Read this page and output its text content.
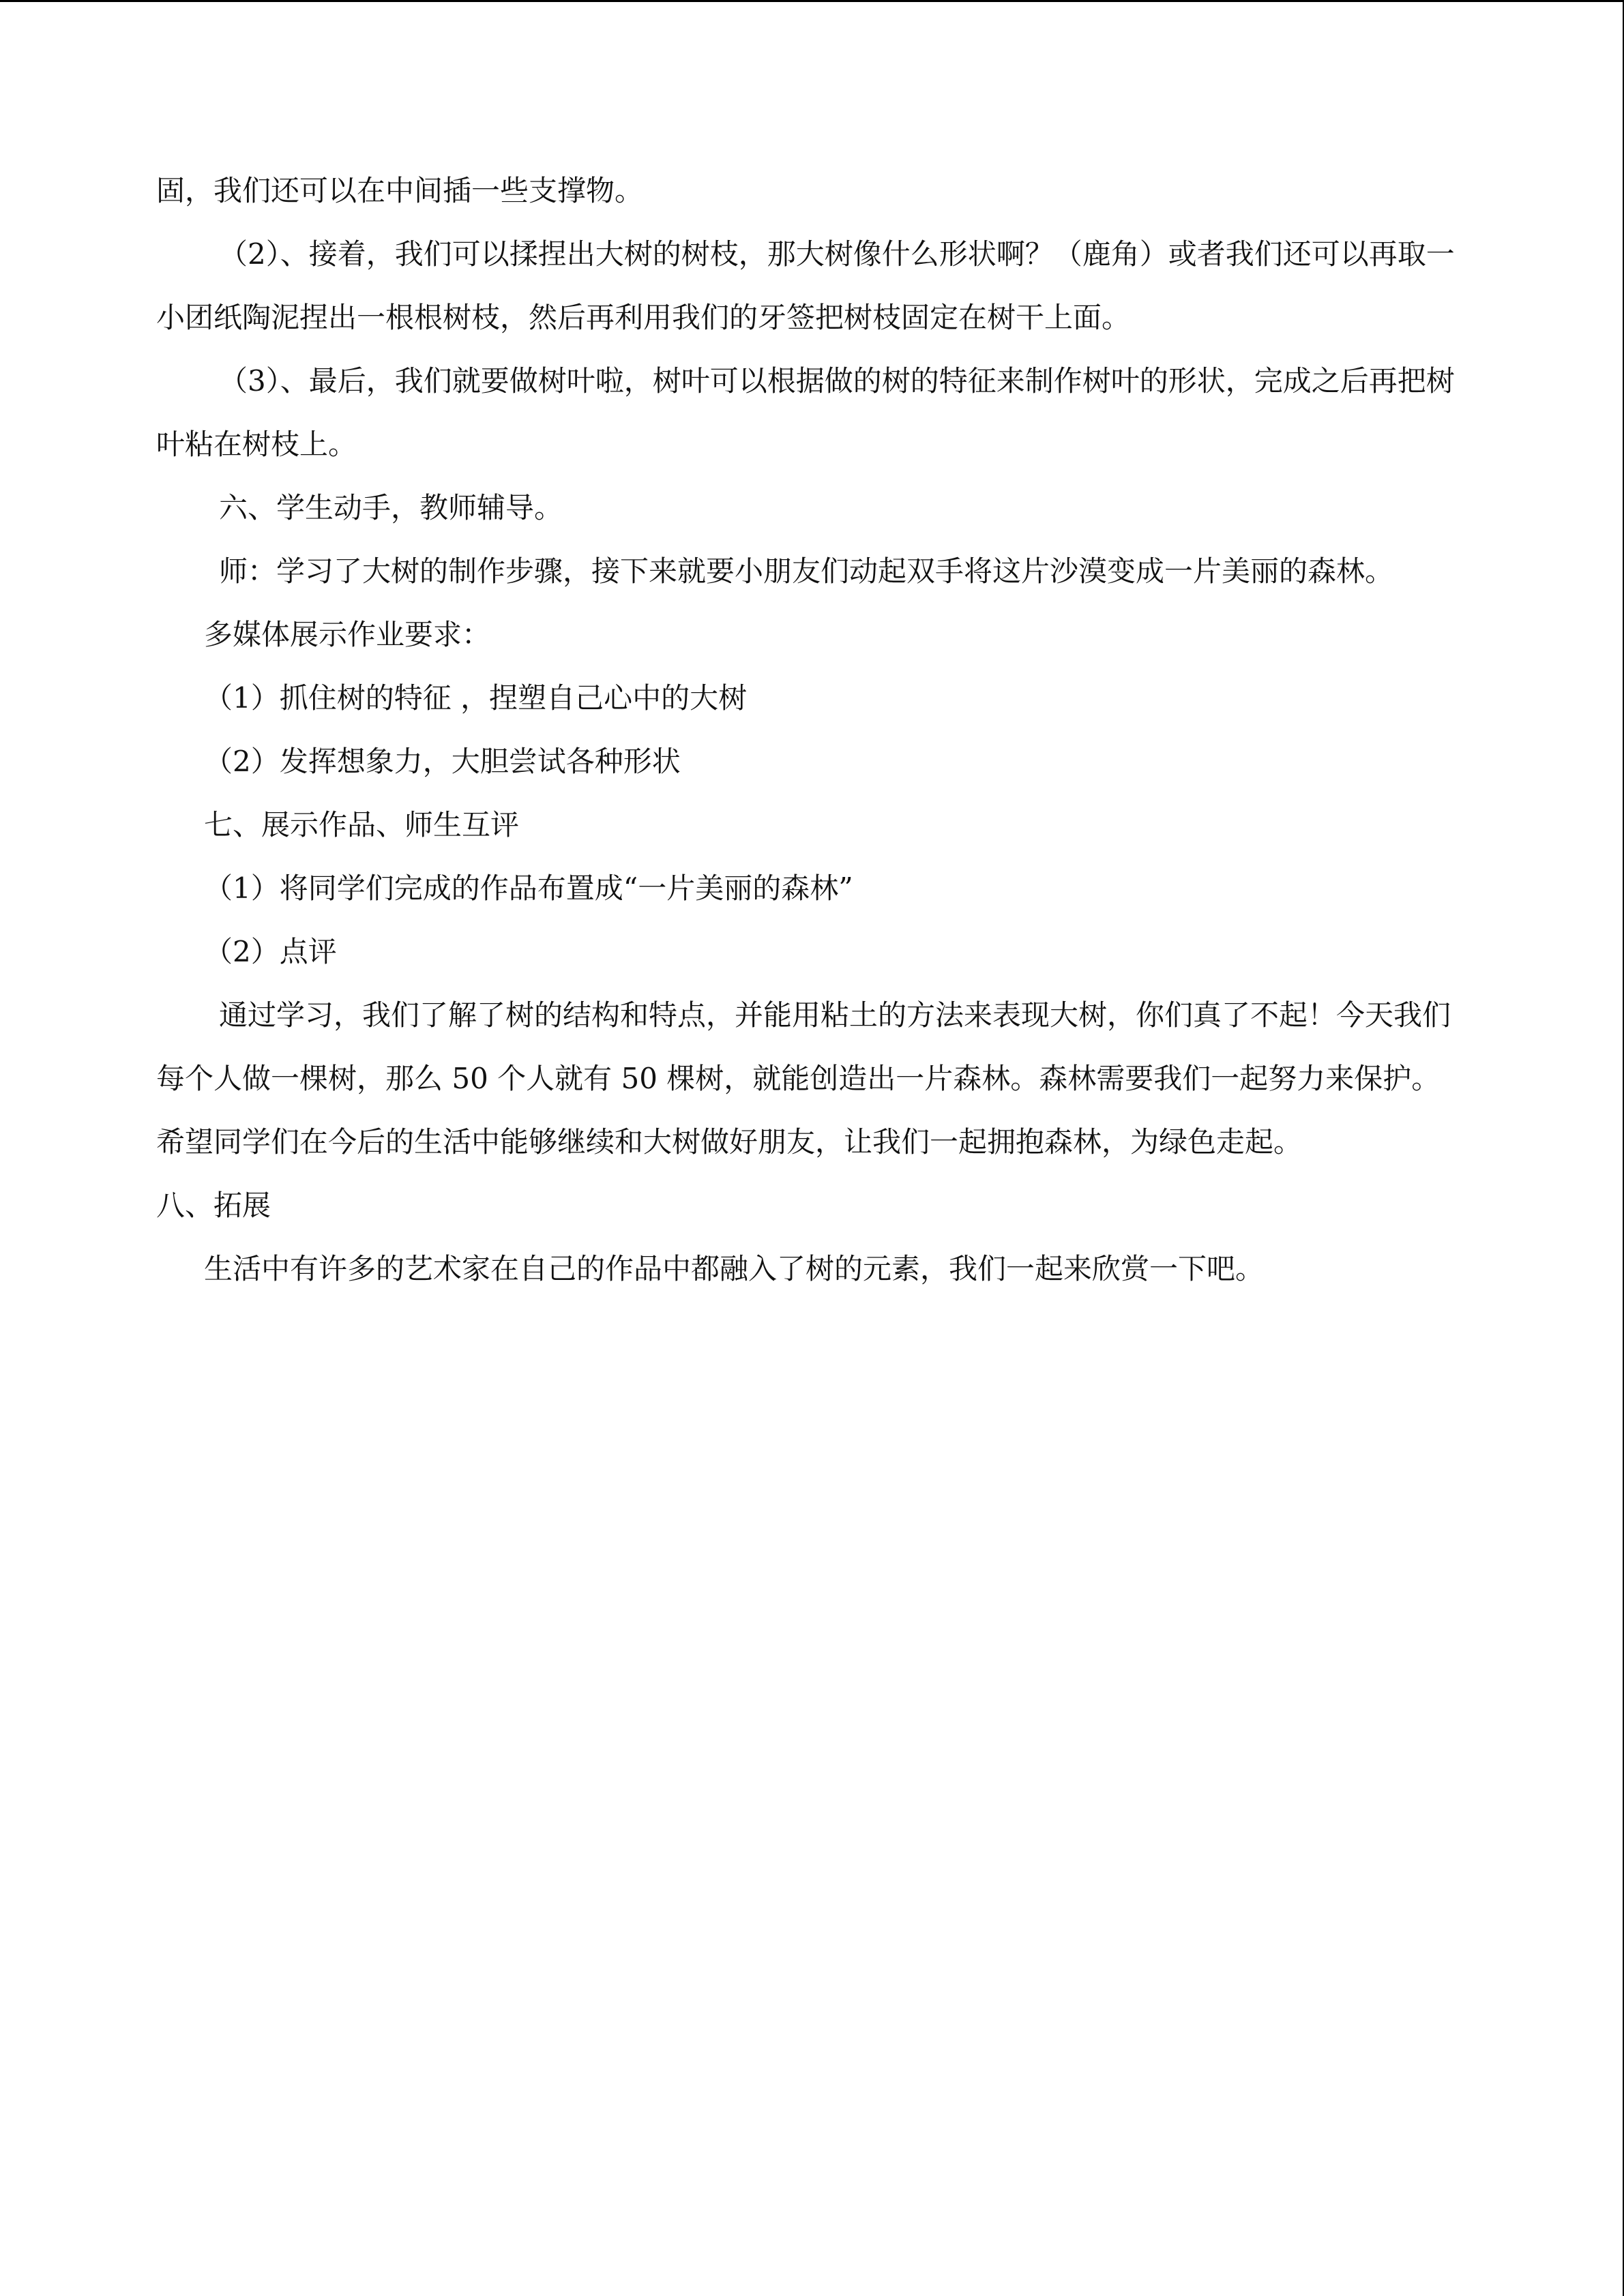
固，我们还可以在中间插一些支撑物。

（2）、接着，我们可以揉捏出大树的树枝，那大树像什么形状啊？（鹿角）或者我们还可以再取一小团纸陶泥捏出一根根树枝，然后再利用我们的牙签把树枝固定在树干上面。

（3）、最后，我们就要做树叶啦，树叶可以根据做的树的特征来制作树叶的形状，完成之后再把树叶粘在树枝上。

六、学生动手，教师辅导。

师：学习了大树的制作步骤，接下来就要小朋友们动起双手将这片沙漠变成一片美丽的森林。

多媒体展示作业要求：

（1）抓住树的特征 ，捏塑自己心中的大树

（2）发挥想象力，大胆尝试各种形状

七、展示作品、师生互评

（1）将同学们完成的作品布置成“一片美丽的森林”

（2）点评

通过学习，我们了解了树的结构和特点，并能用粘土的方法来表现大树，你们真了不起！今天我们每个人做一棵树，那么 50 个人就有 50 棵树，就能创造出一片森林。森林需要我们一起努力来保护。希望同学们在今后的生活中能够继续和大树做好朋友，让我们一起拥抱森林，为绿色走起。

八、拓展

生活中有许多的艺术家在自己的作品中都融入了树的元素，我们一起来欣赏一下吧。
